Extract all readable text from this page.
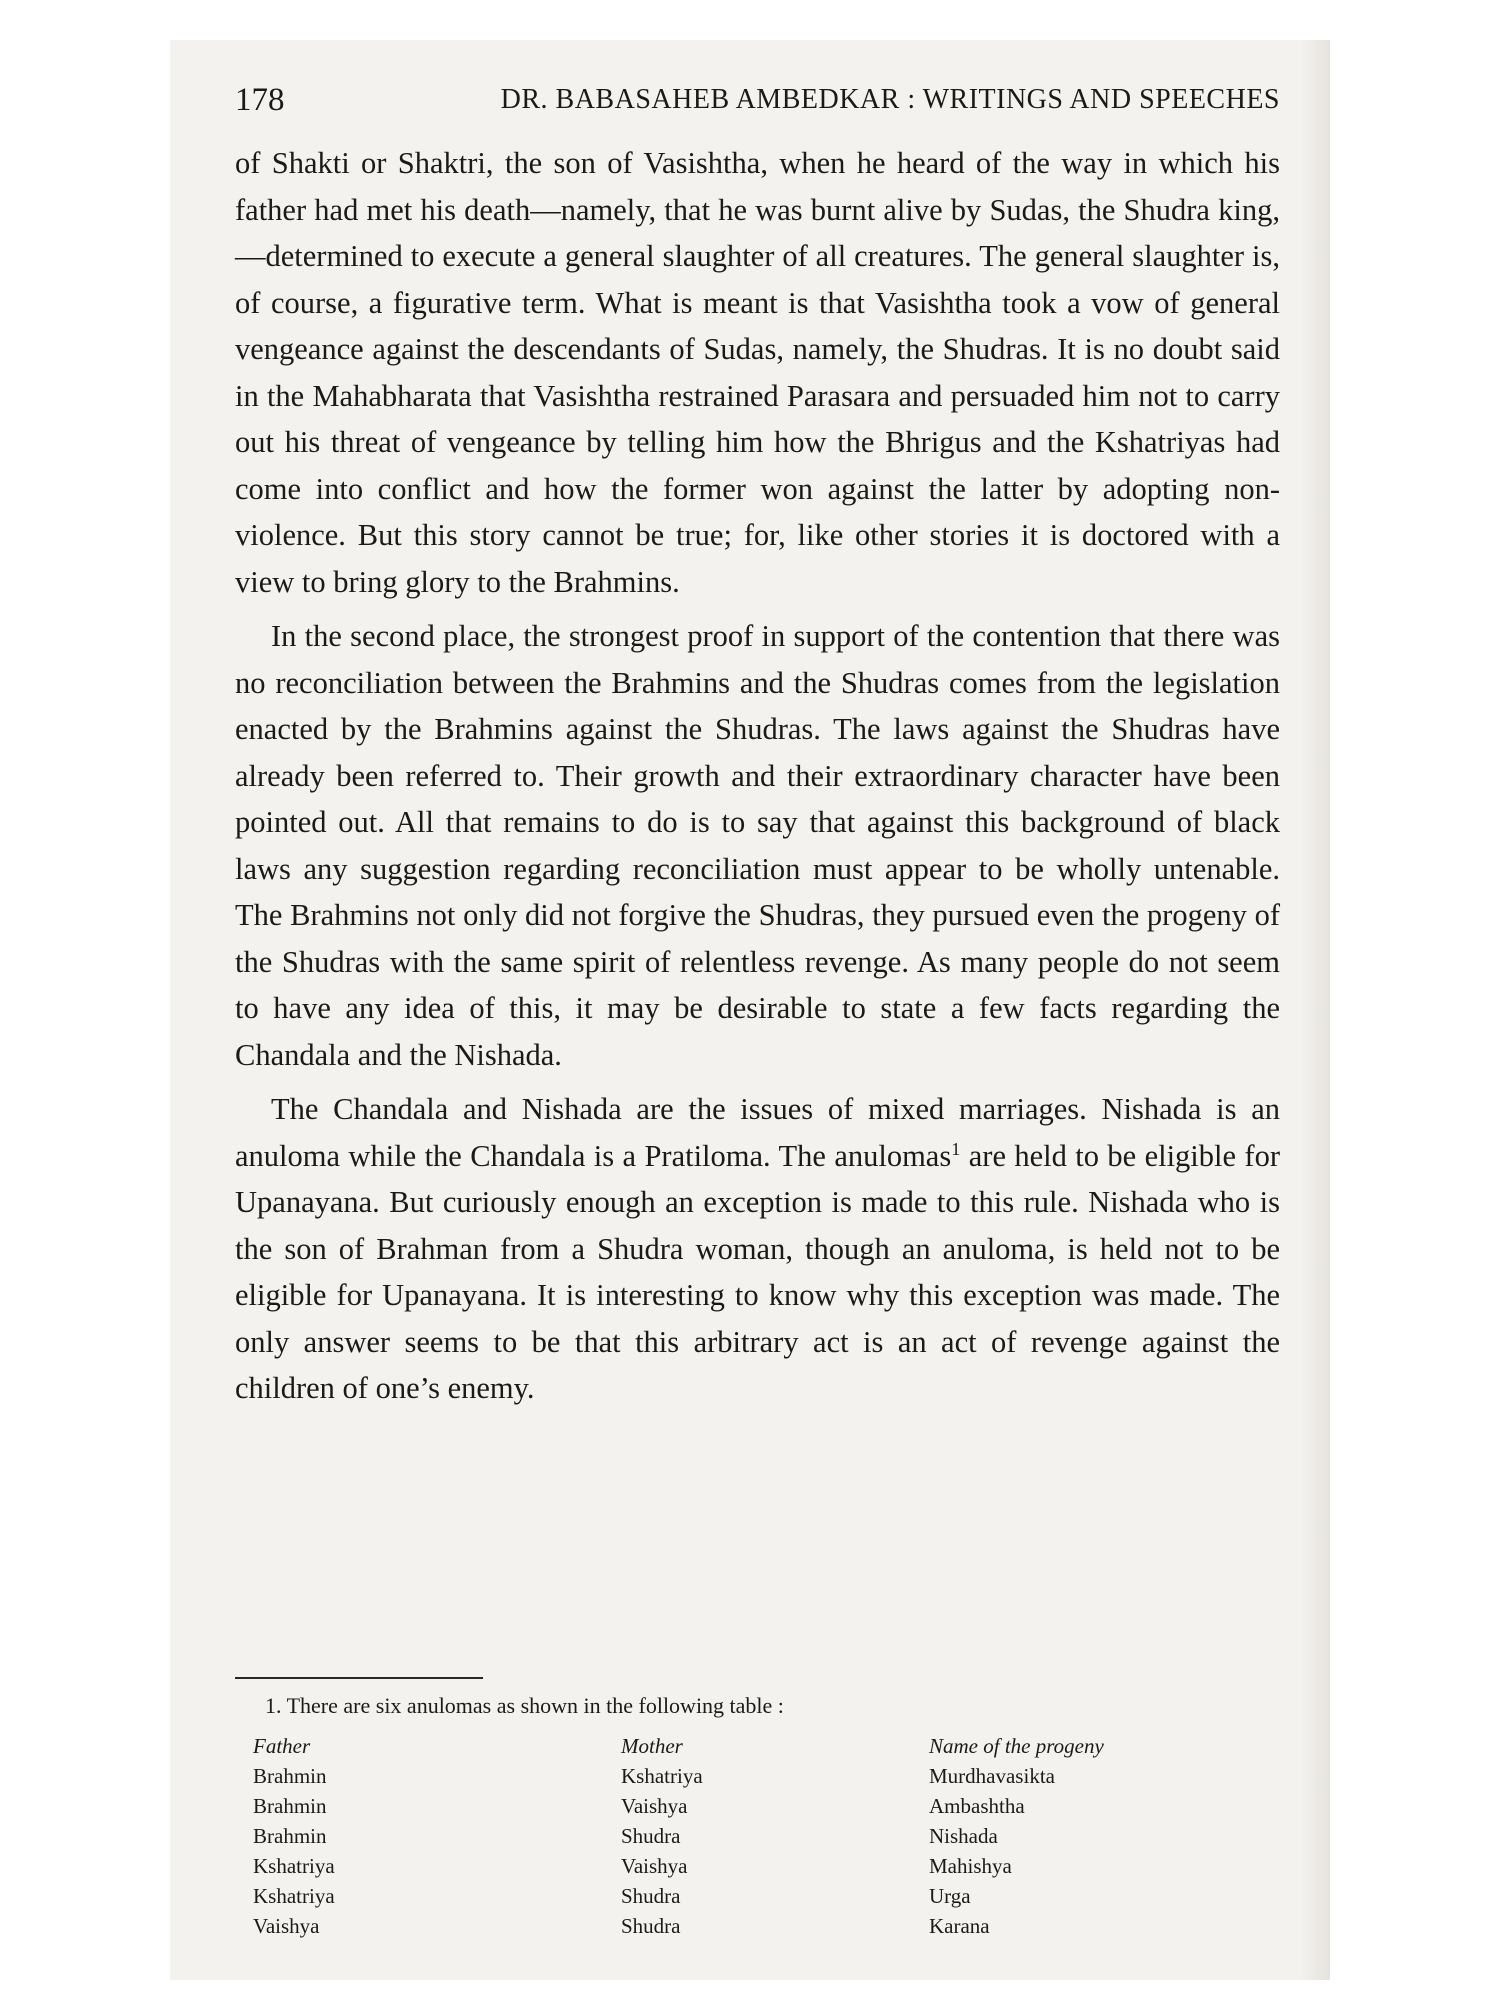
178	DR. BABASAHEB AMBEDKAR : WRITINGS AND SPEECHES

of Shakti or Shaktri, the son of Vasishtha, when he heard of the way in which his father had met his death—namely, that he was burnt alive by Sudas, the Shudra king,—determined to execute a general slaughter of all creatures. The general slaughter is, of course, a figurative term. What is meant is that Vasishtha took a vow of general vengeance against the descendants of Sudas, namely, the Shudras. It is no doubt said in the Mahabharata that Vasishtha restrained Parasara and persuaded him not to carry out his threat of vengeance by telling him how the Bhrigus and the Kshatriyas had come into conflict and how the former won against the latter by adopting non-violence. But this story cannot be true; for, like other stories it is doctored with a view to bring glory to the Brahmins.

In the second place, the strongest proof in support of the contention that there was no reconciliation between the Brahmins and the Shudras comes from the legislation enacted by the Brahmins against the Shudras. The laws against the Shudras have already been referred to. Their growth and their extraordinary character have been pointed out. All that remains to do is to say that against this background of black laws any suggestion regarding reconciliation must appear to be wholly untenable. The Brahmins not only did not forgive the Shudras, they pursued even the progeny of the Shudras with the same spirit of relentless revenge. As many people do not seem to have any idea of this, it may be desirable to state a few facts regarding the Chandala and the Nishada.

The Chandala and Nishada are the issues of mixed marriages. Nishada is an anuloma while the Chandala is a Pratiloma. The anulomas$^1$ are held to be eligible for Upanayana. But curiously enough an exception is made to this rule. Nishada who is the son of Brahman from a Shudra woman, though an anuloma, is held not to be eligible for Upanayana. It is interesting to know why this exception was made. The only answer seems to be that this arbitrary act is an act of revenge against the children of one’s enemy.

1. There are six anulomas as shown in the following table :
Father	Mother	Name of the progeny
Brahmin	Kshatriya	Murdhavasikta
Brahmin	Vaishya	Ambashtha
Brahmin	Shudra	Nishada
Kshatriya	Vaishya	Mahishya
Kshatriya	Shudra	Urga
Vaishya	Shudra	Karana
